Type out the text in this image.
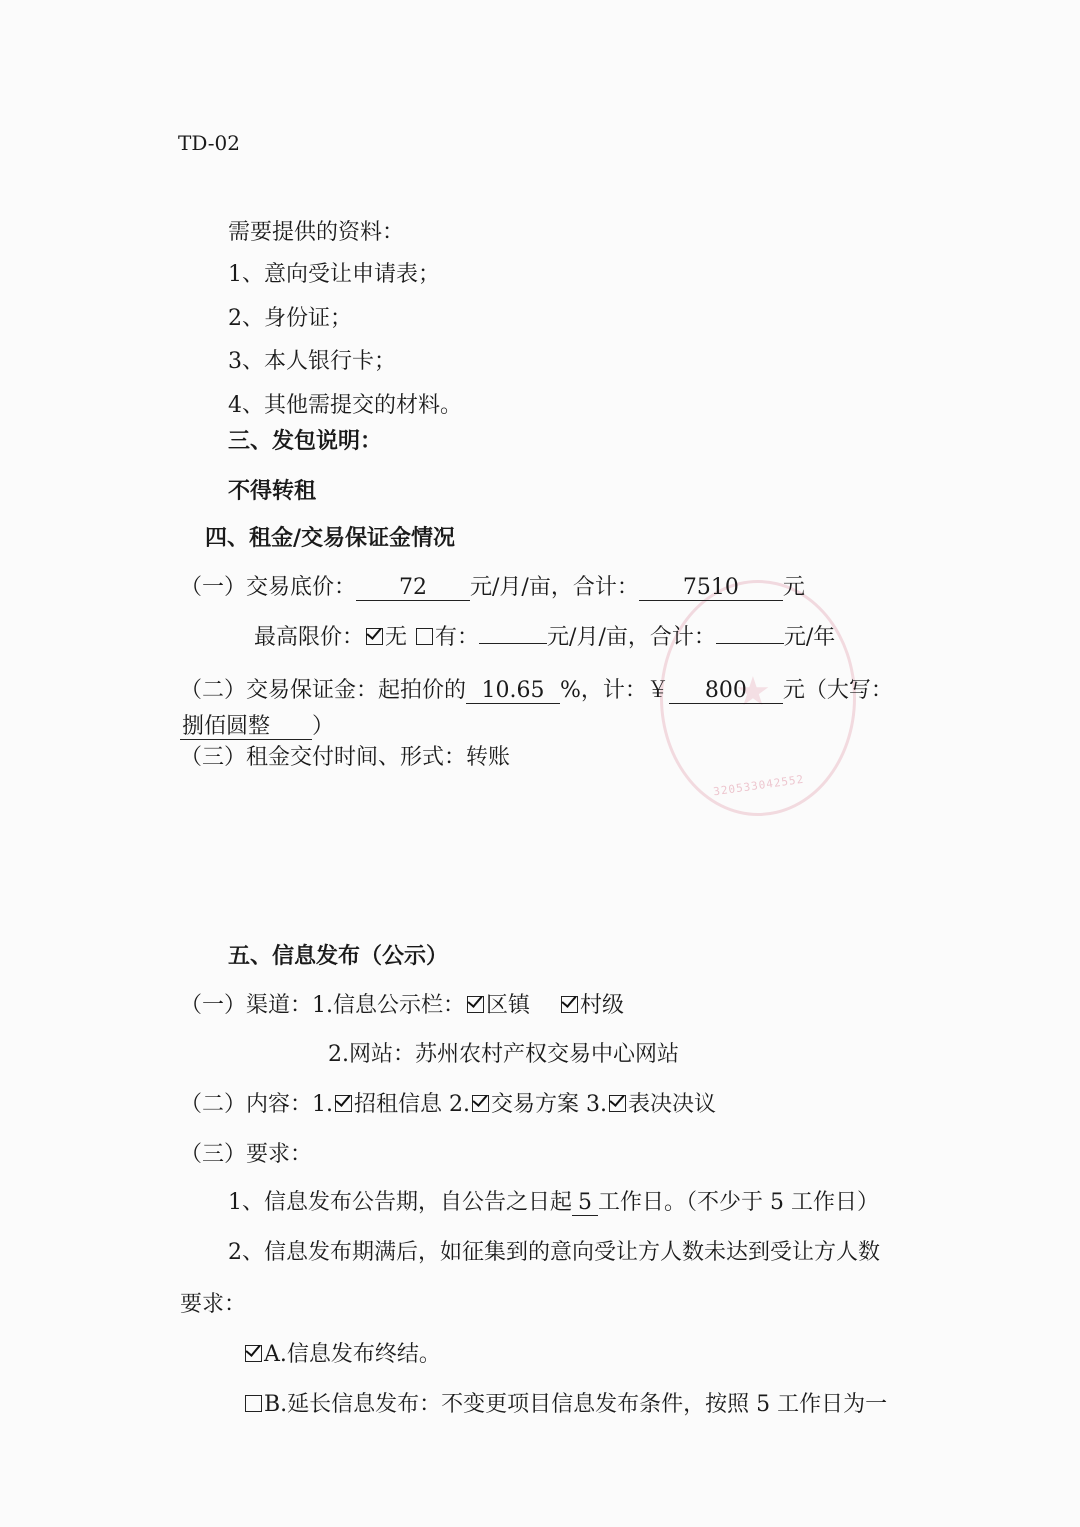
★
320533042552
TD-02
需要提供的资料：
1、意向受让申请表；
2、身份证；
3、本人银行卡；
4、其他需提交的材料。
三、发包说明：
不得转租
四、租金/交易保证金情况
（一）交易底价： 72 元/月/亩，合计： 7510 元
最高限价： 无 有：	元/月/亩，合计：	元/年
（二）交易保证金：起拍价的 10.65 %，计：￥ 800 元（大写：
捌佰圆整 ）
（三）租金交付时间、形式：转账
五、信息发布（公示）
（一）渠道：1.信息公示栏： 区镇 村级
2.网站：苏州农村产权交易中心网站
（二）内容：1. 招租信息 2. 交易方案 3. 表决决议
（三）要求：
1、信息发布公告期，自公告之日起 5 工作日。（不少于 5 工作日）
2、信息发布期满后，如征集到的意向受让方人数未达到受让方人数
要求：
A.信息发布终结。
B.延长信息发布：不变更项目信息发布条件，按照 5 工作日为一
